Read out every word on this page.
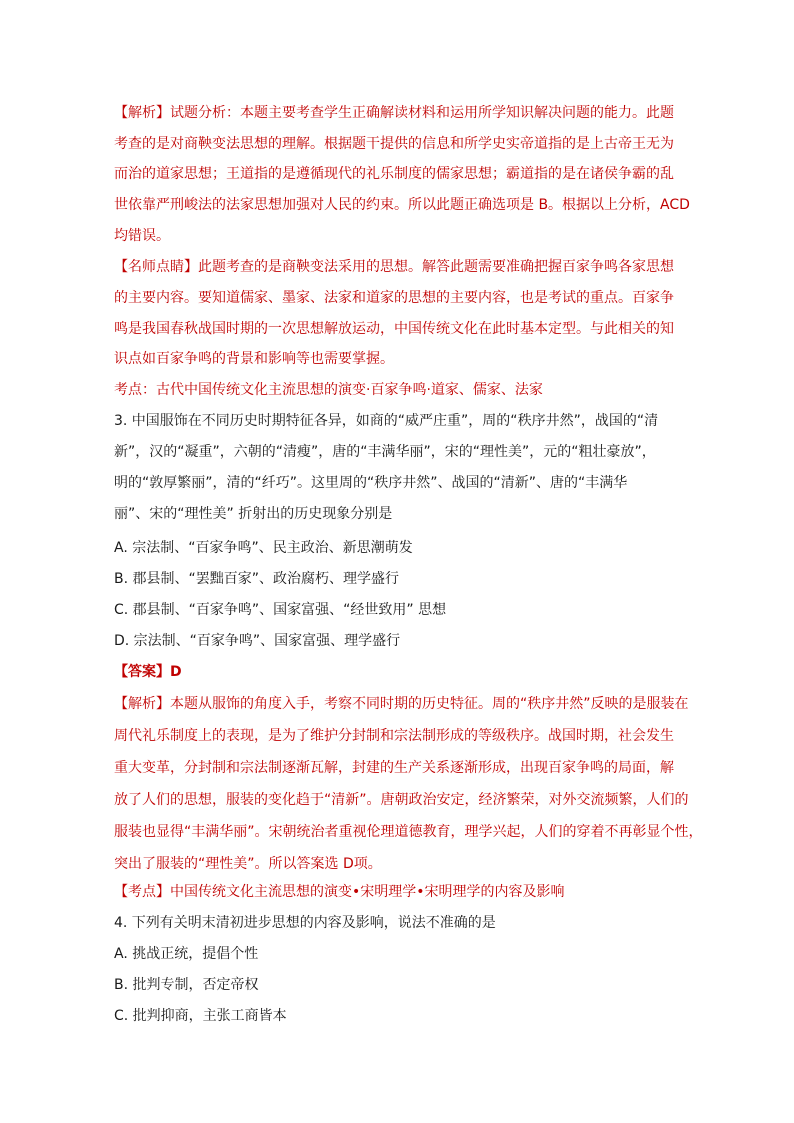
【解析】试题分析：本题主要考查学生正确解读材料和运用所学知识解决问题的能力。此题
考查的是对商鞅变法思想的理解。根据题干提供的信息和所学史实帝道指的是上古帝王无为
而治的道家思想；王道指的是遵循现代的礼乐制度的儒家思想；霸道指的是在诸侯争霸的乱
世依靠严刑峻法的法家思想加强对人民的约束。所以此题正确选项是 B。根据以上分析，ACD
均错误。
【名师点睛】此题考查的是商鞅变法采用的思想。解答此题需要准确把握百家争鸣各家思想
的主要内容。要知道儒家、墨家、法家和道家的思想的主要内容，也是考试的重点。百家争
鸣是我国春秋战国时期的一次思想解放运动，中国传统文化在此时基本定型。与此相关的知
识点如百家争鸣的背景和影响等也需要掌握。
考点：古代中国传统文化主流思想的演变·百家争鸣·道家、儒家、法家
3. 中国服饰在不同历史时期特征各异，如商的“威严庄重”，周的“秩序井然”，战国的“清
新”，汉的“凝重”，六朝的“清瘦”，唐的“丰满华丽”，宋的“理性美”，元的“粗壮豪放”，
明的“敦厚繁丽”，清的“纤巧”。这里周的“秩序井然”、战国的“清新”、唐的“丰满华
丽”、宋的“理性美” 折射出的历史现象分别是
A. 宗法制、“百家争鸣”、民主政治、新思潮萌发
B. 郡县制、“罢黜百家”、政治腐朽、理学盛行
C. 郡县制、“百家争鸣”、国家富强、“经世致用” 思想
D. 宗法制、“百家争鸣”、国家富强、理学盛行
【答案】D
【解析】本题从服饰的角度入手，考察不同时期的历史特征。周的“秩序井然”反映的是服装在
周代礼乐制度上的表现，是为了维护分封制和宗法制形成的等级秩序。战国时期，社会发生
重大变革，分封制和宗法制逐渐瓦解，封建的生产关系逐渐形成，出现百家争鸣的局面，解
放了人们的思想，服装的变化趋于“清新”。唐朝政治安定，经济繁荣，对外交流频繁，人们的
服装也显得“丰满华丽”。宋朝统治者重视伦理道德教育，理学兴起，人们的穿着不再彰显个性，
突出了服装的“理性美”。所以答案选 D项。
【考点】中国传统文化主流思想的演变•宋明理学•宋明理学的内容及影响
4. 下列有关明末清初进步思想的内容及影响，说法不准确的是
A. 挑战正统，提倡个性
B. 批判专制，否定帝权
C. 批判抑商，主张工商皆本
